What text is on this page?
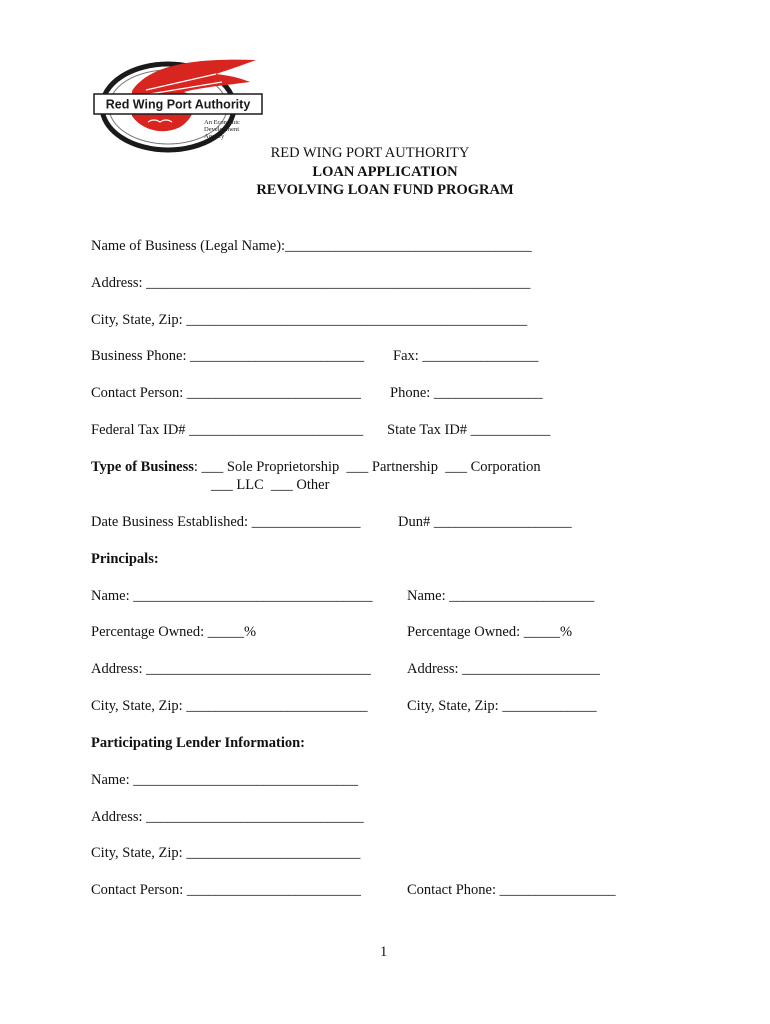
Red Wing Port Authority
An Economic
Development
Agency
RED WING PORT AUTHORITY
LOAN APPLICATION
REVOLVING LOAN FUND PROGRAM
Name of Business (Legal Name):__________________________________
Address: _____________________________________________________
City, State, Zip: _______________________________________________
Business Phone: ________________________ Fax: ________________
Contact Person: ________________________ Phone: _______________
Federal Tax ID# ________________________ State Tax ID# ___________
Type of Business: ___ Sole Proprietorship  ___ Partnership  ___ Corporation
___ LLC  ___ Other
Date Business Established: _______________	Dun# ___________________
Principals:
Name: _________________________________ Name: ____________________
Percentage Owned: _____%	Percentage Owned: _____%
Address: _______________________________ Address: ___________________
City, State, Zip: _________________________	City, State, Zip: _____________
Participating Lender Information:
Name: _______________________________
Address: ______________________________
City, State, Zip: ________________________
Contact Person: ________________________	Contact Phone: ________________
1
